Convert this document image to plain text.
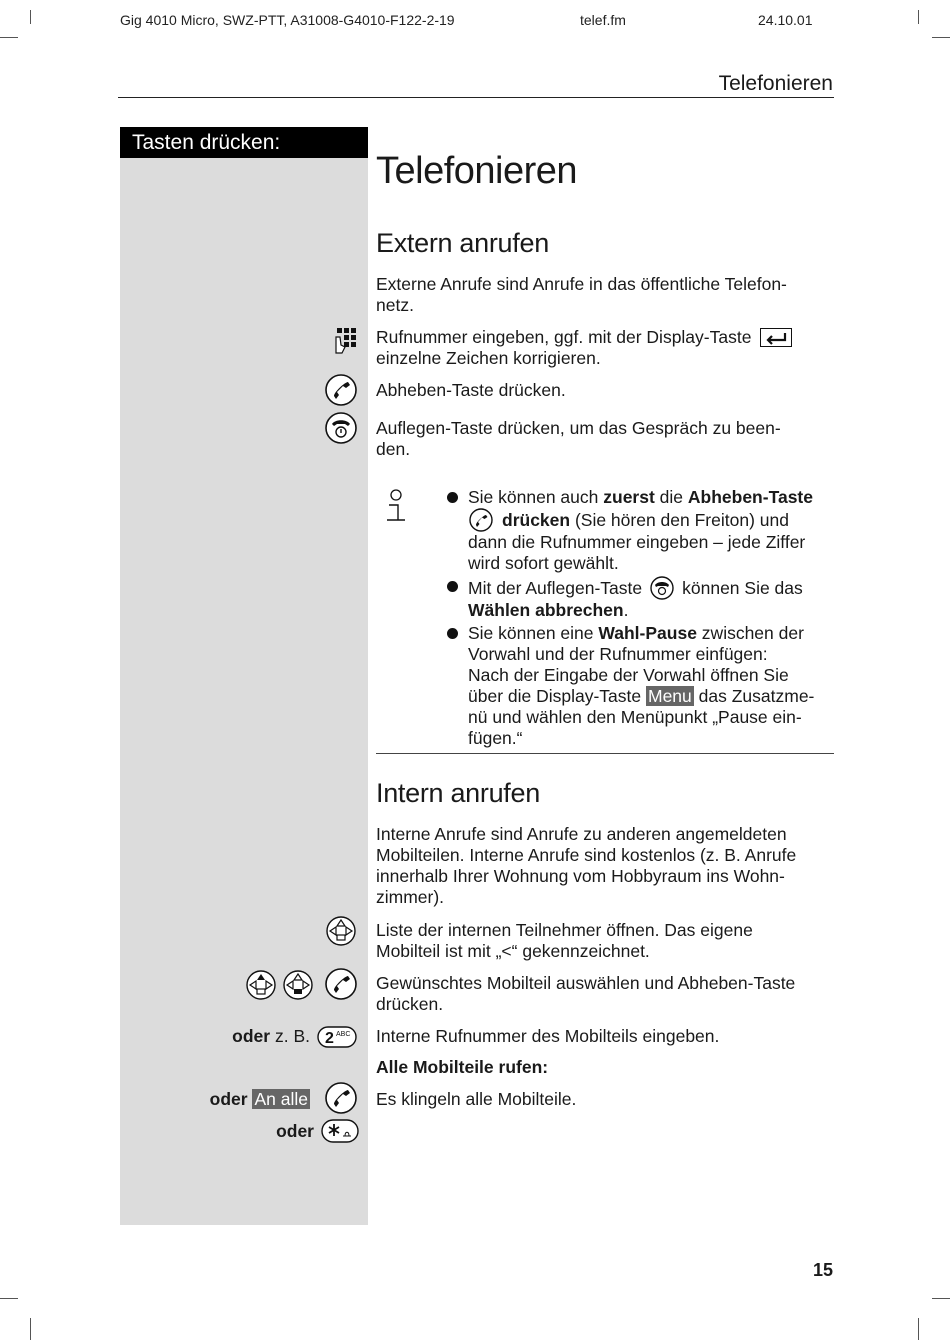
Gig 4010 Micro, SWZ-PTT, A31008-G4010-F122-2-19	telef.fm	24.10.01
Telefonieren
Tasten drücken:
Telefonieren
Extern anrufen
Externe Anrufe sind Anrufe in das öffentliche Telefon-
netz.
Rufnummer eingeben, ggf. mit der Display-Taste
einzelne Zeichen korrigieren.
Abheben-Taste drücken.
Auflegen-Taste drücken, um das Gespräch zu been-
den.
Sie können auch zuerst die Abheben-Taste
drücken (Sie hören den Freiton) und
dann die Rufnummer eingeben – jede Ziffer
wird sofort gewählt.
Mit der Auflegen-Taste können Sie das
Wählen abbrechen.
Sie können eine Wahl-Pause zwischen der
Vorwahl und der Rufnummer einfügen:
Nach der Eingabe der Vorwahl öffnen Sie
über die Display-Taste Menu das Zusatzme-
nü und wählen den Menüpunkt „Pause ein-
fügen.“
Intern anrufen
Interne Anrufe sind Anrufe zu anderen angemeldeten
Mobilteilen. Interne Anrufe sind kostenlos (z. B. Anrufe
innerhalb Ihrer Wohnung vom Hobbyraum ins Wohn-
zimmer).
Liste der internen Teilnehmer öffnen. Das eigene
Mobilteil ist mit „<“ gekennzeichnet.
Gewünschtes Mobilteil auswählen und Abheben-Taste
drücken.
oder z. B. 2 ABC Interne Rufnummer des Mobilteils eingeben.
Alle Mobilteile rufen:
oder An alle	Es klingeln alle Mobilteile.
oder
15
